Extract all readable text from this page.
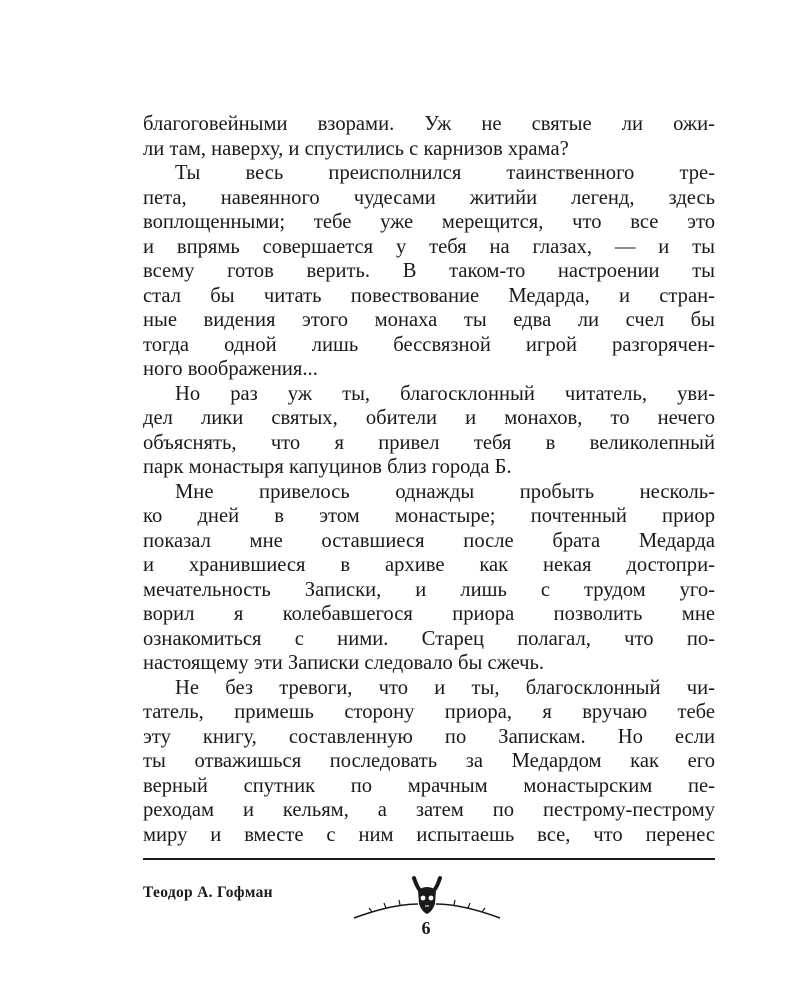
благоговейными взорами. Уж не святые ли ожи-
ли там, наверху, и спустились с карнизов храма?

Ты весь преисполнился таинственного тре-
пета, навеянного чудесами житийи легенд, здесь
воплощенными; тебе уже мерещится, что все это
и впрямь совершается у тебя на глазах, — и ты
всему готов верить. В таком-то настроении ты
стал бы читать повествование Медарда, и стран-
ные видения этого монаха ты едва ли счел бы
тогда одной лишь бессвязной игрой разгорячен-
ного воображения...

Но раз уж ты, благосклонный читатель, уви-
дел лики святых, обители и монахов, то нечего
объяснять, что я привел тебя в великолепный
парк монастыря капуцинов близ города Б.

Мне привелось однажды пробыть несколь-
ко дней в этом монастыре; почтенный приор
показал мне оставшиеся после брата Медарда
и хранившиеся в архиве как некая достопри-
мечательность Записки, и лишь с трудом уго-
ворил я колебавшегося приора позволить мне
ознакомиться с ними. Старец полагал, что по-
настоящему эти Записки следовало бы сжечь.

Не без тревоги, что и ты, благосклонный чи-
татель, примешь сторону приора, я вручаю тебе
эту книгу, составленную по Запискам. Но если
ты отважишься последовать за Медардом как его
верный спутник по мрачным монастырским пе-
реходам и кельям, а затем по пестрому-пестрому
миру и вместе с ним испытаешь все, что перенес

Теодор А. Гофман
6
